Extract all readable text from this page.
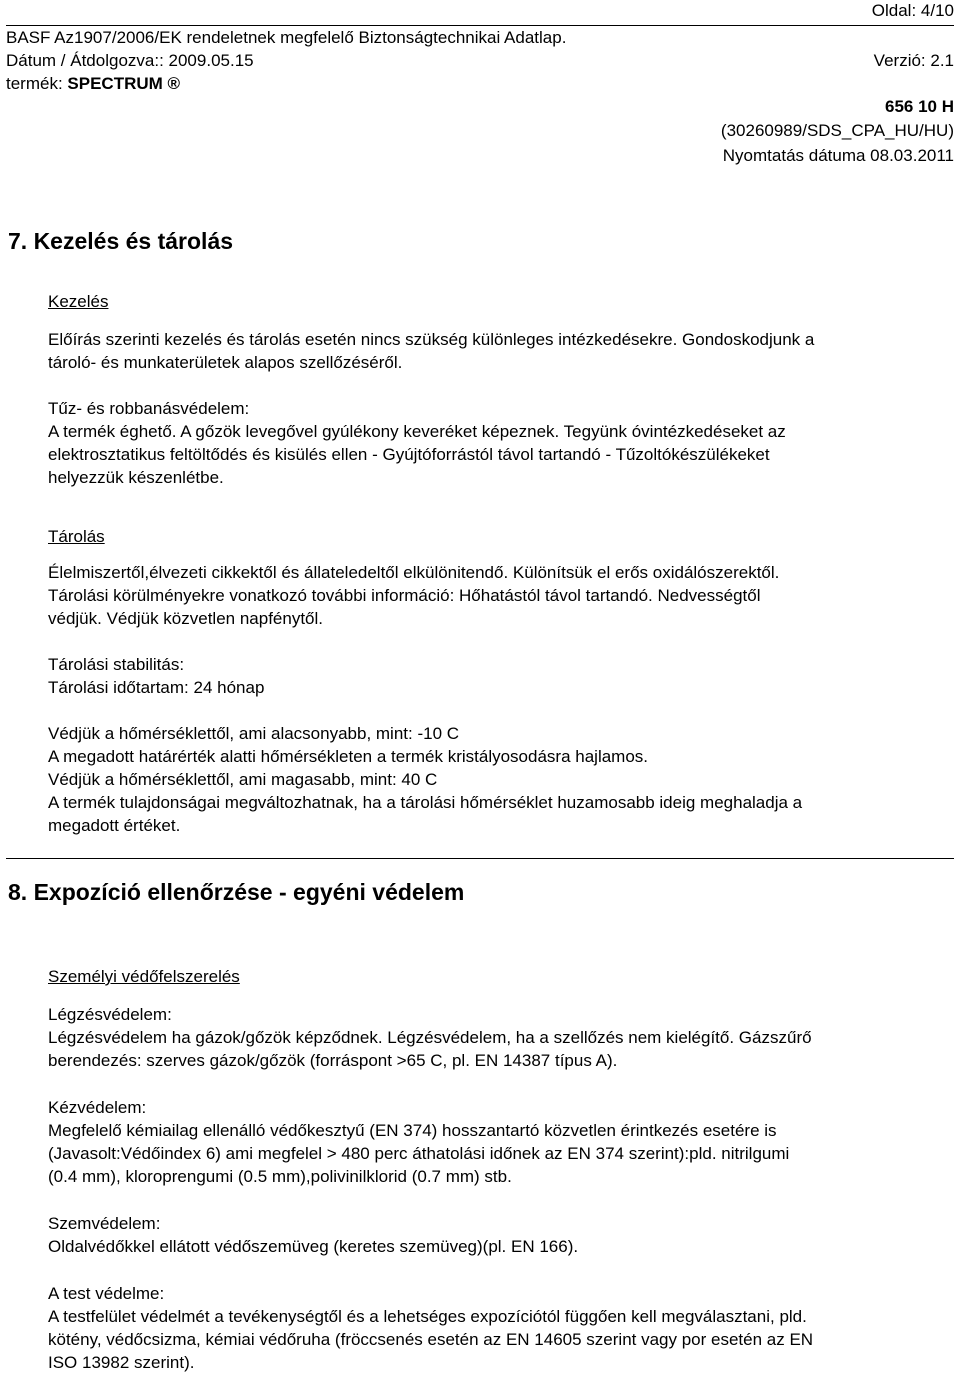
Oldal: 4/10
BASF Az1907/2006/EK rendeletnek megfelelő Biztonságtechnikai Adatlap.
Dátum / Átdolgozva:: 2009.05.15	Verzió: 2.1
termék: SPECTRUM ®
656 10 H
(30260989/SDS_CPA_HU/HU)
Nyomtatás dátuma 08.03.2011
7. Kezelés és tárolás
Kezelés

Előírás szerinti kezelés és tárolás esetén nincs szükség különleges intézkedésekre. Gondoskodjunk a

tároló- és munkaterületek alapos szellőzéséről.

Tűz- és robbanásvédelem:

A termék éghető. A gőzök levegővel gyúlékony keveréket képeznek. Tegyünk óvintézkedéseket az

elektrosztatikus feltöltődés és kisülés ellen - Gyújtóforrástól távol tartandó - Tűzoltókészülékeket

helyezzük készenlétbe.

Tárolás

Élelmiszertől,élvezeti cikkektől és állateledeltől elkülönitendő. Különítsük el erős oxidálószerektől.

Tárolási körülményekre vonatkozó további információ: Hőhatástól távol tartandó. Nedvességtől

védjük. Védjük közvetlen napfénytől.

Tárolási stabilitás:

Tárolási időtartam: 24 hónap

Védjük a hőmérséklettől, ami alacsonyabb, mint: -10 C

A megadott határérték alatti hőmérsékleten a termék kristályosodásra hajlamos.

Védjük a hőmérséklettől, ami magasabb, mint: 40 C

A termék tulajdonságai megváltozhatnak, ha a tárolási hőmérséklet huzamosabb ideig meghaladja a

megadott értéket.

8. Expozíció ellenőrzése - egyéni védelem
Személyi védőfelszerelés

Légzésvédelem:

Légzésvédelem ha gázok/gőzök képződnek. Légzésvédelem, ha a szellőzés nem kielégítő. Gázszűrő

berendezés: szerves gázok/gőzök (forráspont >65 C, pl. EN 14387 típus A).

Kézvédelem:

Megfelelő kémiailag ellenálló védőkesztyű (EN 374) hosszantartó közvetlen érintkezés esetére is

(Javasolt:Védőindex 6) ami megfelel > 480 perc áthatolási időnek az EN 374 szerint):pld. nitrilgumi

(0.4 mm), kloroprengumi (0.5 mm),polivinilklorid (0.7 mm) stb.

Szemvédelem:

Oldalvédőkkel ellátott védőszemüveg (keretes szemüveg)(pl. EN 166).

A test védelme:

A testfelület védelmét a tevékenységtől és a lehetséges expozíciótól függően kell megválasztani, pld.

kötény, védőcsizma, kémiai védőruha (fröccsenés esetén az EN 14605 szerint vagy por esetén az EN

ISO 13982 szerint).
